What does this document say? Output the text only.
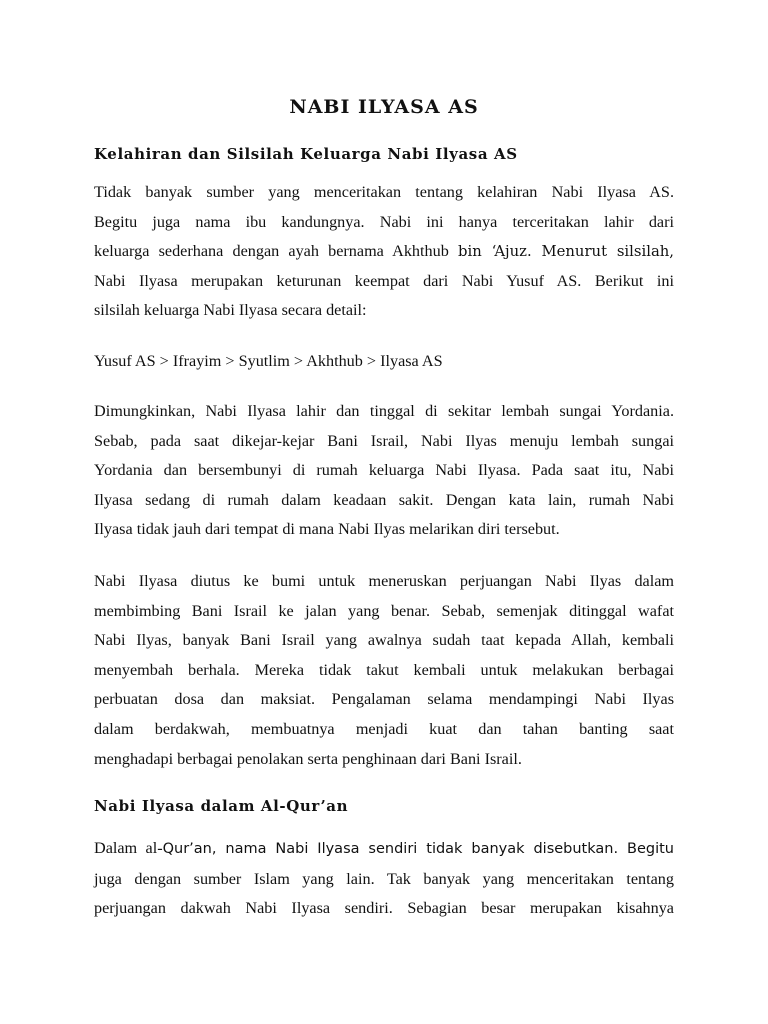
NABI ILYASA AS
Kelahiran dan Silsilah Keluarga Nabi Ilyasa AS

Tidak banyak sumber yang menceritakan tentang kelahiran Nabi Ilyasa AS.
Begitu juga nama ibu kandungnya. Nabi ini hanya terceritakan lahir dari
keluarga sederhana dengan ayah bernama Akhthub bin ‘Ajuz. Menurut silsilah,
Nabi Ilyasa merupakan keturunan keempat dari Nabi Yusuf AS. Berikut ini
silsilah keluarga Nabi Ilyasa secara detail:

Yusuf AS > Ifrayim > Syutlim > Akhthub > Ilyasa AS

Dimungkinkan, Nabi Ilyasa lahir dan tinggal di sekitar lembah sungai Yordania.
Sebab, pada saat dikejar-kejar Bani Israil, Nabi Ilyas menuju lembah sungai
Yordania dan bersembunyi di rumah keluarga Nabi Ilyasa. Pada saat itu, Nabi
Ilyasa sedang di rumah dalam keadaan sakit. Dengan kata lain, rumah Nabi
Ilyasa tidak jauh dari tempat di mana Nabi Ilyas melarikan diri tersebut.

Nabi Ilyasa diutus ke bumi untuk meneruskan perjuangan Nabi Ilyas dalam
membimbing Bani Israil ke jalan yang benar. Sebab, semenjak ditinggal wafat
Nabi Ilyas, banyak Bani Israil yang awalnya sudah taat kepada Allah, kembali
menyembah berhala. Mereka tidak takut kembali untuk melakukan berbagai
perbuatan dosa dan maksiat. Pengalaman selama mendampingi Nabi Ilyas
dalam berdakwah, membuatnya menjadi kuat dan tahan banting saat
menghadapi berbagai penolakan serta penghinaan dari Bani Israil.

Nabi Ilyasa dalam Al-Qur’an

Dalam al-Qur’an, nama Nabi Ilyasa sendiri tidak banyak disebutkan. Begitu
juga dengan sumber Islam yang lain. Tak banyak yang menceritakan tentang
perjuangan dakwah Nabi Ilyasa sendiri. Sebagian besar merupakan kisahnya
